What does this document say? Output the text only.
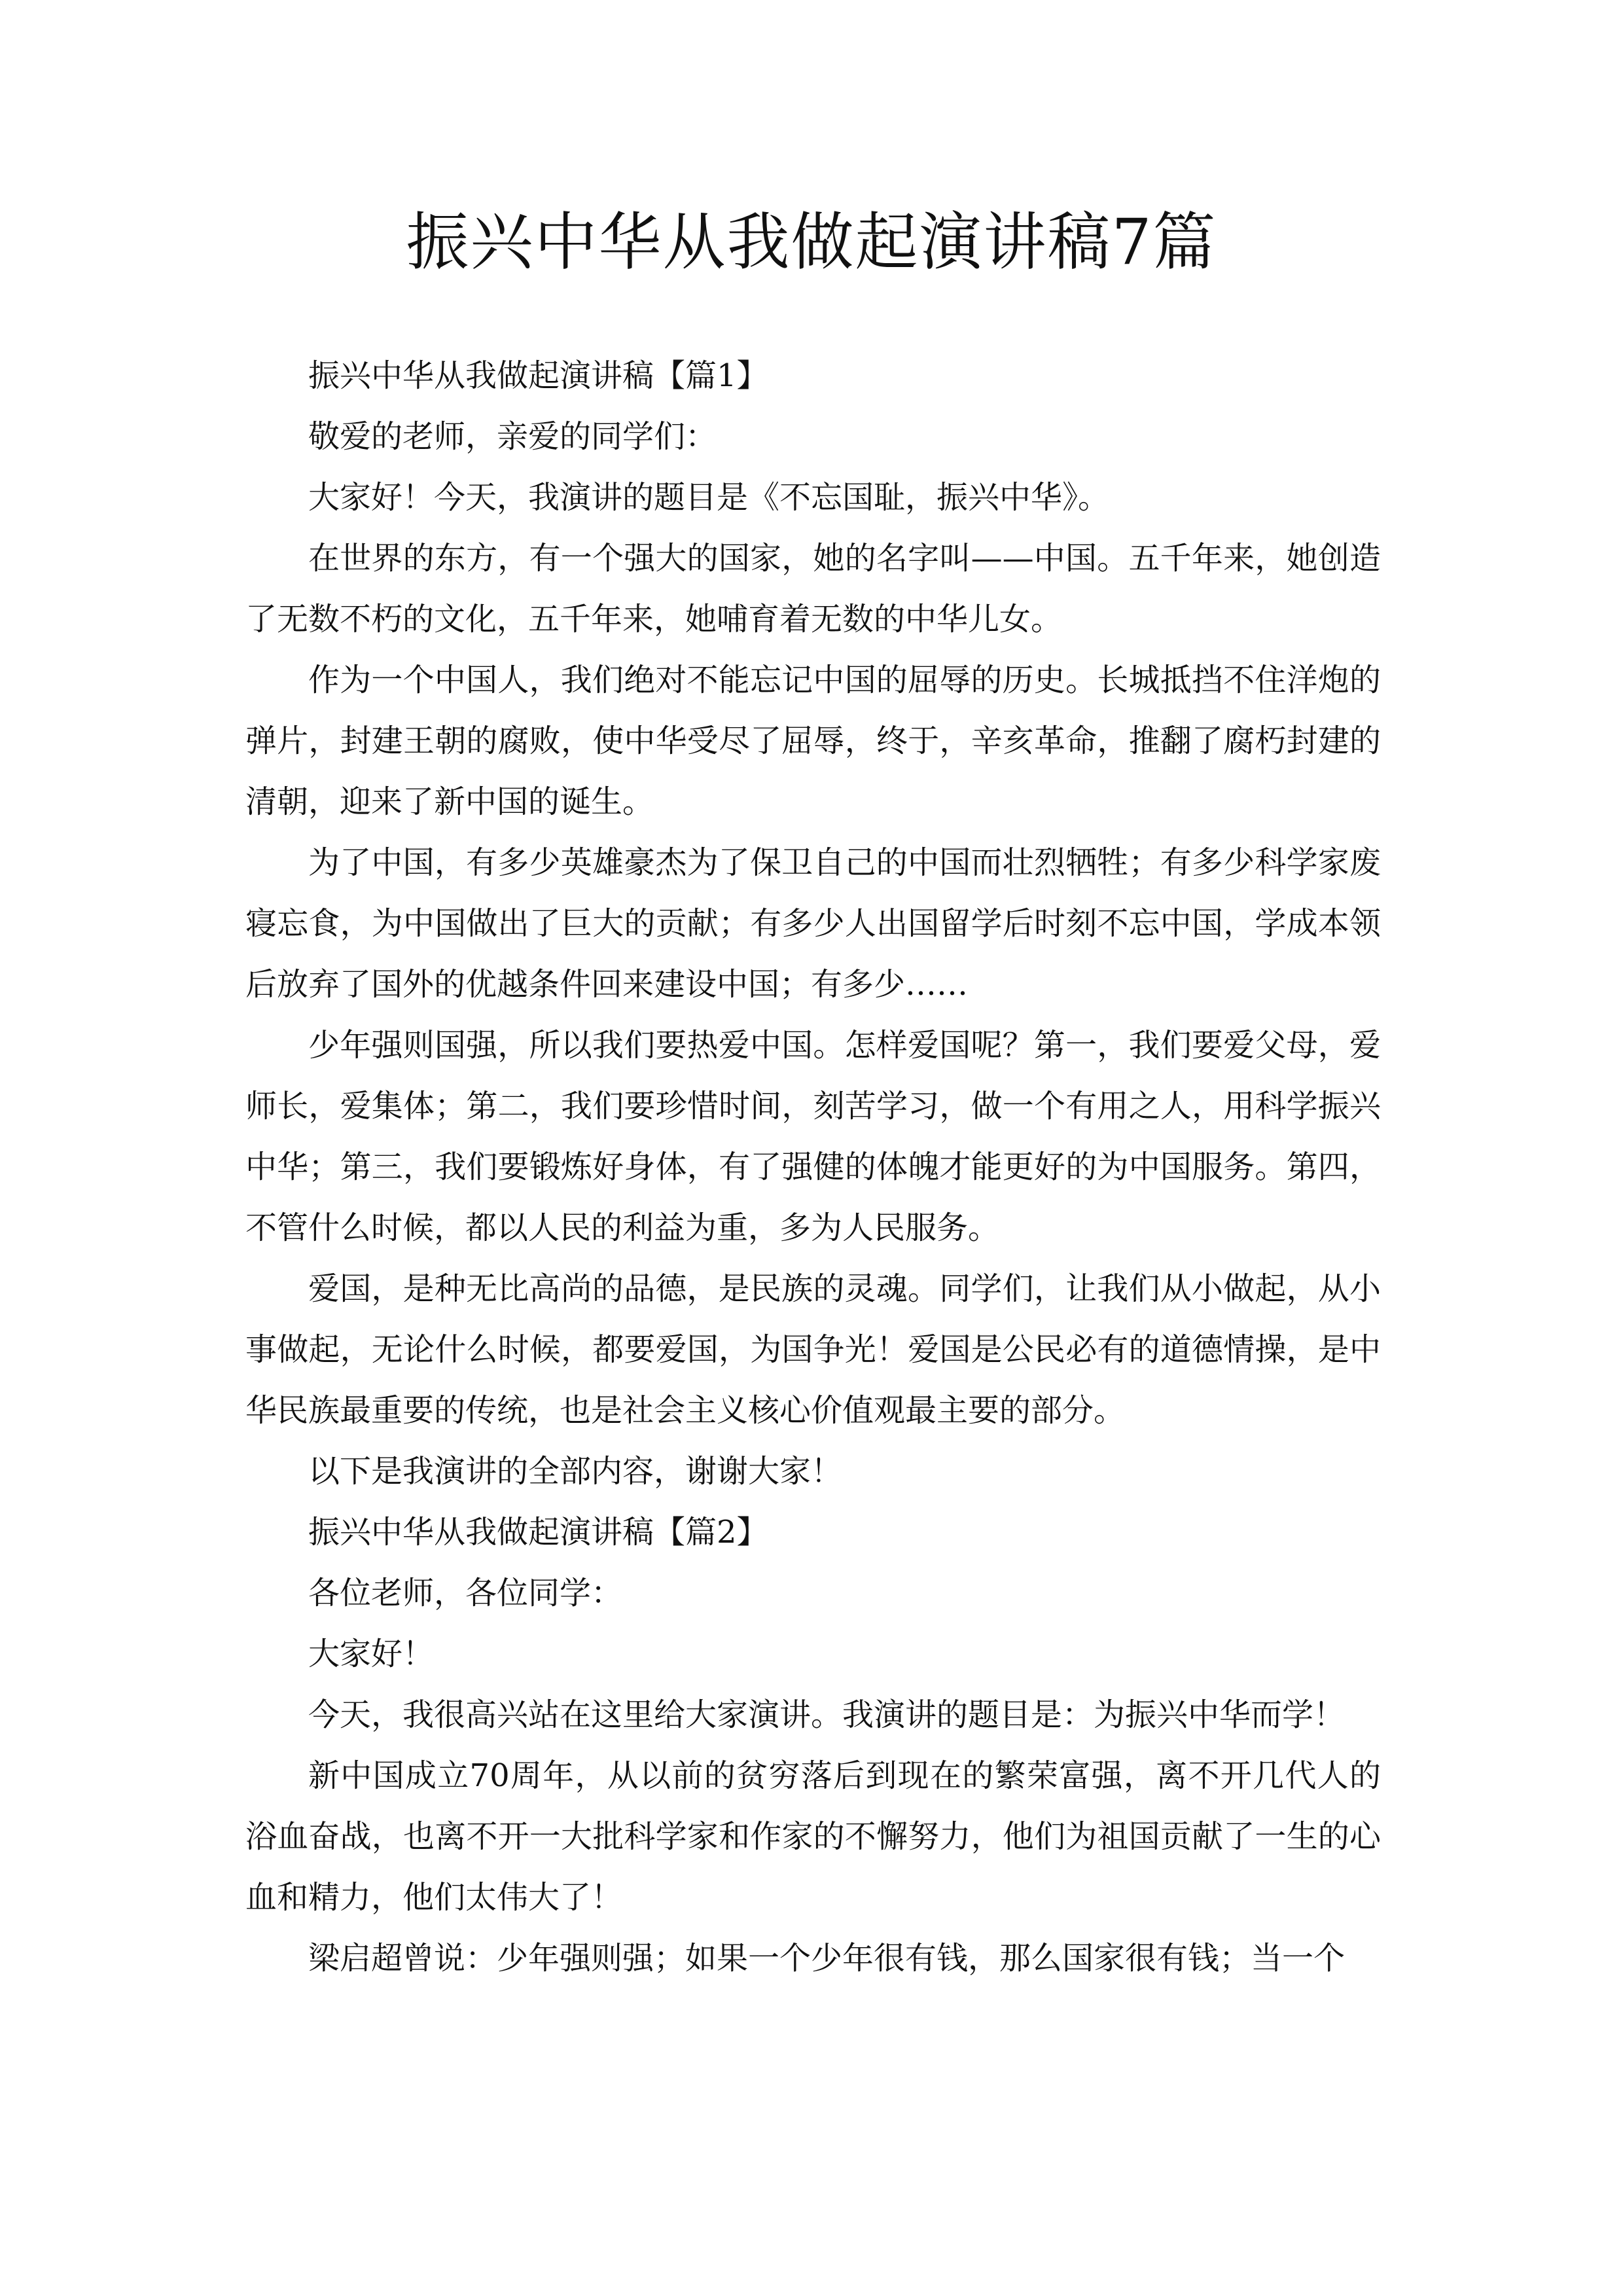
振兴中华从我做起演讲稿7篇

振兴中华从我做起演讲稿【篇1】

敬爱的老师，亲爱的同学们：

大家好！今天，我演讲的题目是《不忘国耻，振兴中华》。

在世界的东方，有一个强大的国家，她的名字叫——中国。五千年来，她创造了无数不朽的文化，五千年来，她哺育着无数的中华儿女。

作为一个中国人，我们绝对不能忘记中国的屈辱的历史。长城抵挡不住洋炮的弹片，封建王朝的腐败，使中华受尽了屈辱，终于，辛亥革命，推翻了腐朽封建的清朝，迎来了新中国的诞生。

为了中国，有多少英雄豪杰为了保卫自己的中国而壮烈牺牲；有多少科学家废寝忘食，为中国做出了巨大的贡献；有多少人出国留学后时刻不忘中国，学成本领后放弃了国外的优越条件回来建设中国；有多少……

少年强则国强，所以我们要热爱中国。怎样爱国呢？第一，我们要爱父母，爱师长，爱集体；第二，我们要珍惜时间，刻苦学习，做一个有用之人，用科学振兴中华；第三，我们要锻炼好身体，有了强健的体魄才能更好的为中国服务。第四，不管什么时候，都以人民的利益为重，多为人民服务。

爱国，是种无比高尚的品德，是民族的灵魂。同学们，让我们从小做起，从小事做起，无论什么时候，都要爱国，为国争光！爱国是公民必有的道德情操，是中华民族最重要的传统，也是社会主义核心价值观最主要的部分。

以下是我演讲的全部内容，谢谢大家！

振兴中华从我做起演讲稿【篇2】

各位老师，各位同学：

大家好！

今天，我很高兴站在这里给大家演讲。我演讲的题目是：为振兴中华而学！

新中国成立70周年，从以前的贫穷落后到现在的繁荣富强，离不开几代人的浴血奋战，也离不开一大批科学家和作家的不懈努力，他们为祖国贡献了一生的心血和精力，他们太伟大了！

梁启超曾说：少年强则强；如果一个少年很有钱，那么国家很有钱；当一个
